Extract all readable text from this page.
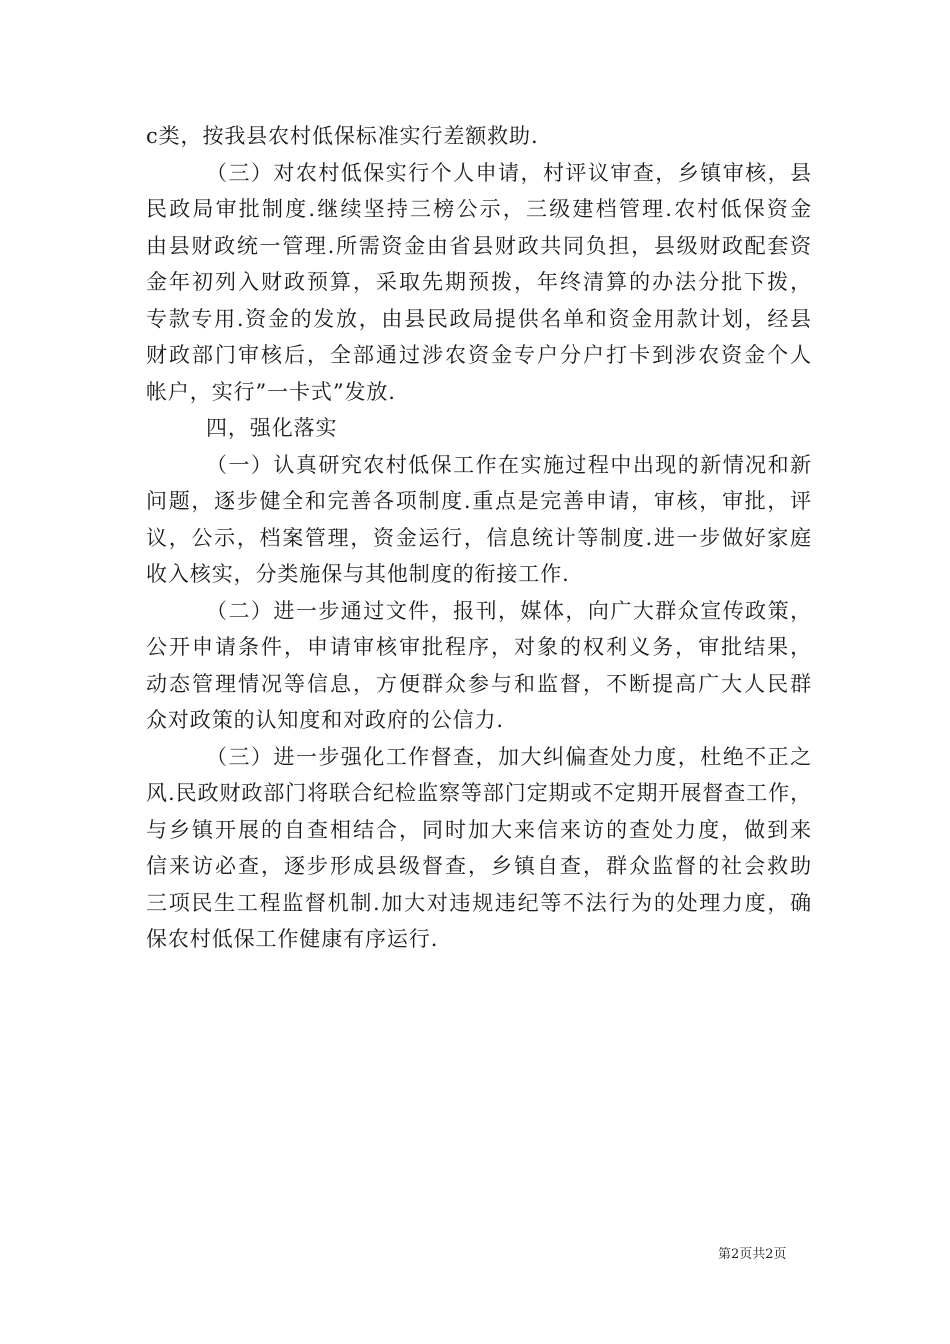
c类，按我县农村低保标准实行差额救助.
（三）对农村低保实行个人申请，村评议审查，乡镇审核，县
民政局审批制度.继续坚持三榜公示，三级建档管理.农村低保资金
由县财政统一管理.所需资金由省县财政共同负担，县级财政配套资
金年初列入财政预算，采取先期预拨，年终清算的办法分批下拨，
专款专用.资金的发放，由县民政局提供名单和资金用款计划，经县
财政部门审核后，全部通过涉农资金专户分户打卡到涉农资金个人
帐户，实行”一卡式”发放.
四，强化落实
（一）认真研究农村低保工作在实施过程中出现的新情况和新
问题，逐步健全和完善各项制度.重点是完善申请，审核，审批，评
议，公示，档案管理，资金运行，信息统计等制度.进一步做好家庭
收入核实，分类施保与其他制度的衔接工作.
（二）进一步通过文件，报刊，媒体，向广大群众宣传政策，
公开申请条件，申请审核审批程序，对象的权利义务，审批结果，
动态管理情况等信息，方便群众参与和监督，不断提高广大人民群
众对政策的认知度和对政府的公信力.
（三）进一步强化工作督查，加大纠偏查处力度，杜绝不正之
风.民政财政部门将联合纪检监察等部门定期或不定期开展督查工作，
与乡镇开展的自查相结合，同时加大来信来访的查处力度，做到来
信来访必查，逐步形成县级督查，乡镇自查，群众监督的社会救助
三项民生工程监督机制.加大对违规违纪等不法行为的处理力度，确
保农村低保工作健康有序运行.
第2页共2页
